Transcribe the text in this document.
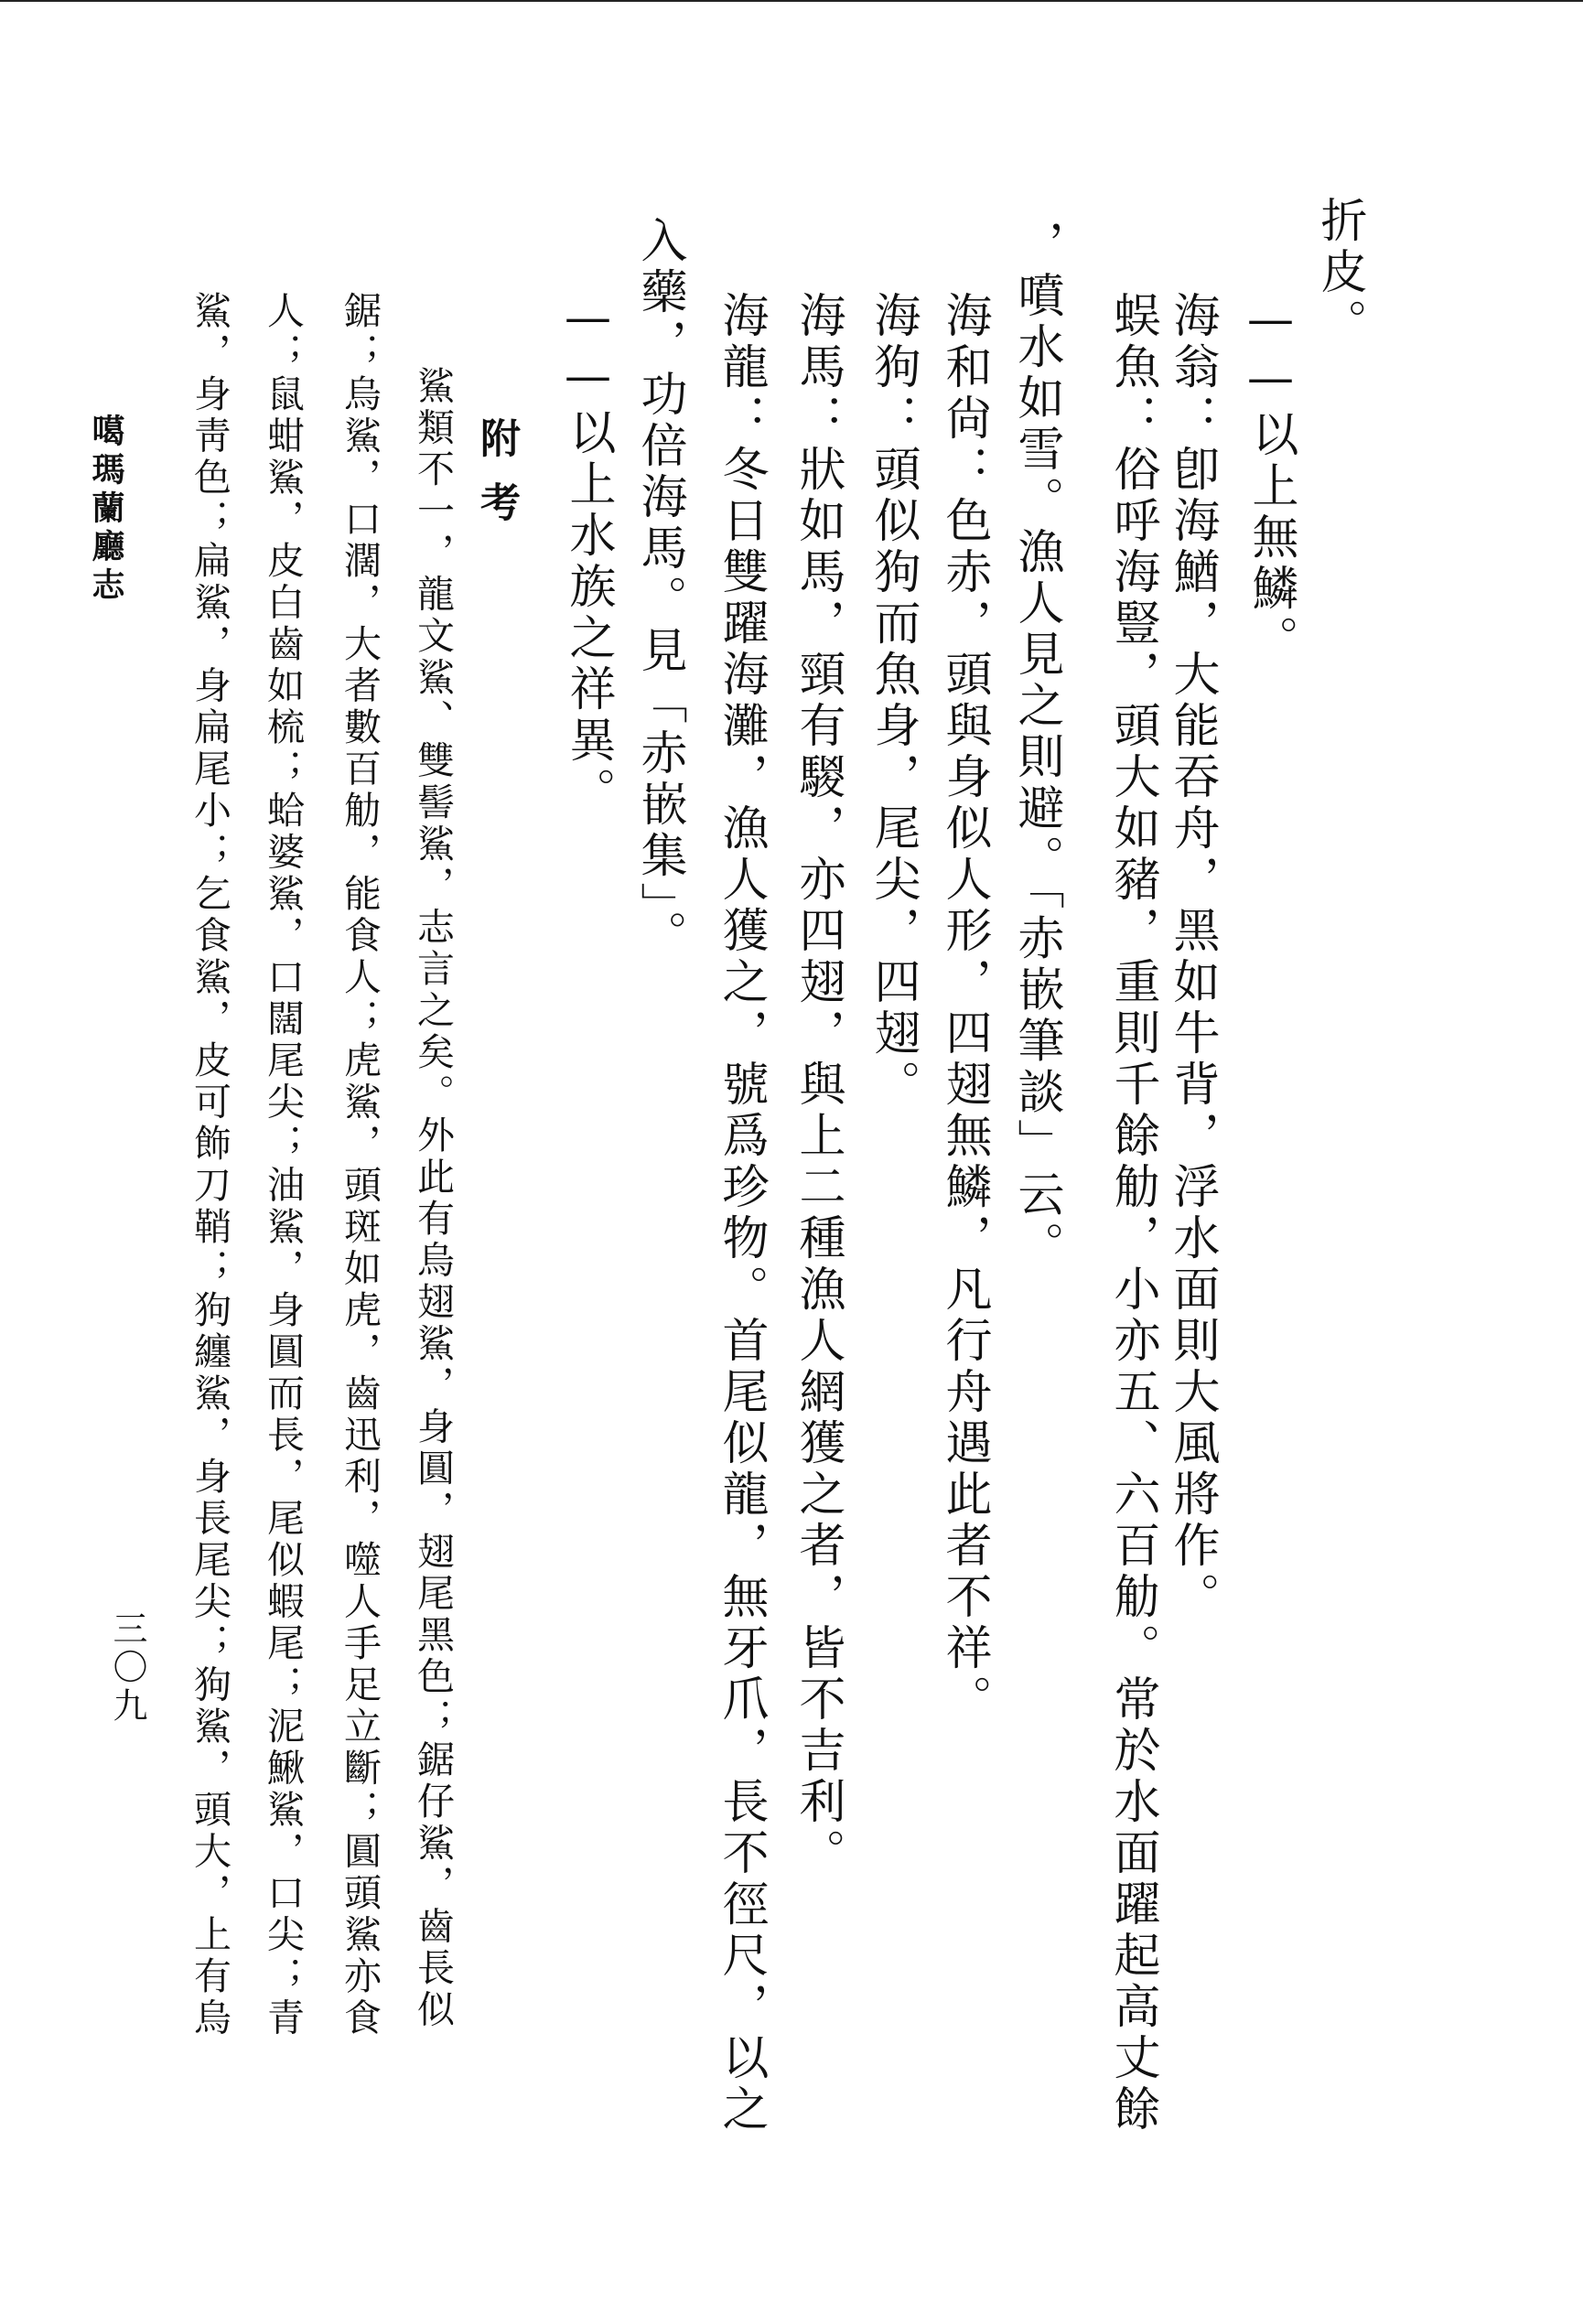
折皮。
——以上無鱗。
海翁：卽海鰌，大能吞舟，黑如牛背，浮水面則大風將作。
蜈魚：俗呼海豎，頭大如豬，重則千餘觔，小亦五、六百觔。常於水面躍起高丈餘
，噴水如雪。漁人見之則避。「赤嵌筆談」云。
海和尙：色赤，頭與身似人形，四翅無鱗，凡行舟遇此者不祥。
海狗：頭似狗而魚身，尾尖，四翅。
海馬：狀如馬，頸有騣，亦四翅，與上二種漁人網獲之者，皆不吉利。
海龍：冬日雙躍海灘，漁人獲之，號爲珍物。首尾似龍，無牙爪，長不徑尺，以之
入藥，功倍海馬。見「赤嵌集」。
——以上水族之祥異。
附考
鯊類不一，龍文鯊、雙髻鯊，志言之矣。外此有烏翅鯊，身圓，翅尾黑色；鋸仔鯊，齒長似
鋸；烏鯊，口濶，大者數百觔，能食人；虎鯊，頭斑如虎，齒迅利，噬人手足立斷；圓頭鯊亦食
人；鼠蚶鯊，皮白齒如梳；蛤婆鯊，口闊尾尖；油鯊，身圓而長，尾似蝦尾；泥鰍鯊，口尖；青
鯊，身靑色；扁鯊，身扁尾小；乞食鯊，皮可飾刀鞘；狗纏鯊，身長尾尖；狗鯊，頭大，上有烏
噶瑪蘭廳志
三〇九
